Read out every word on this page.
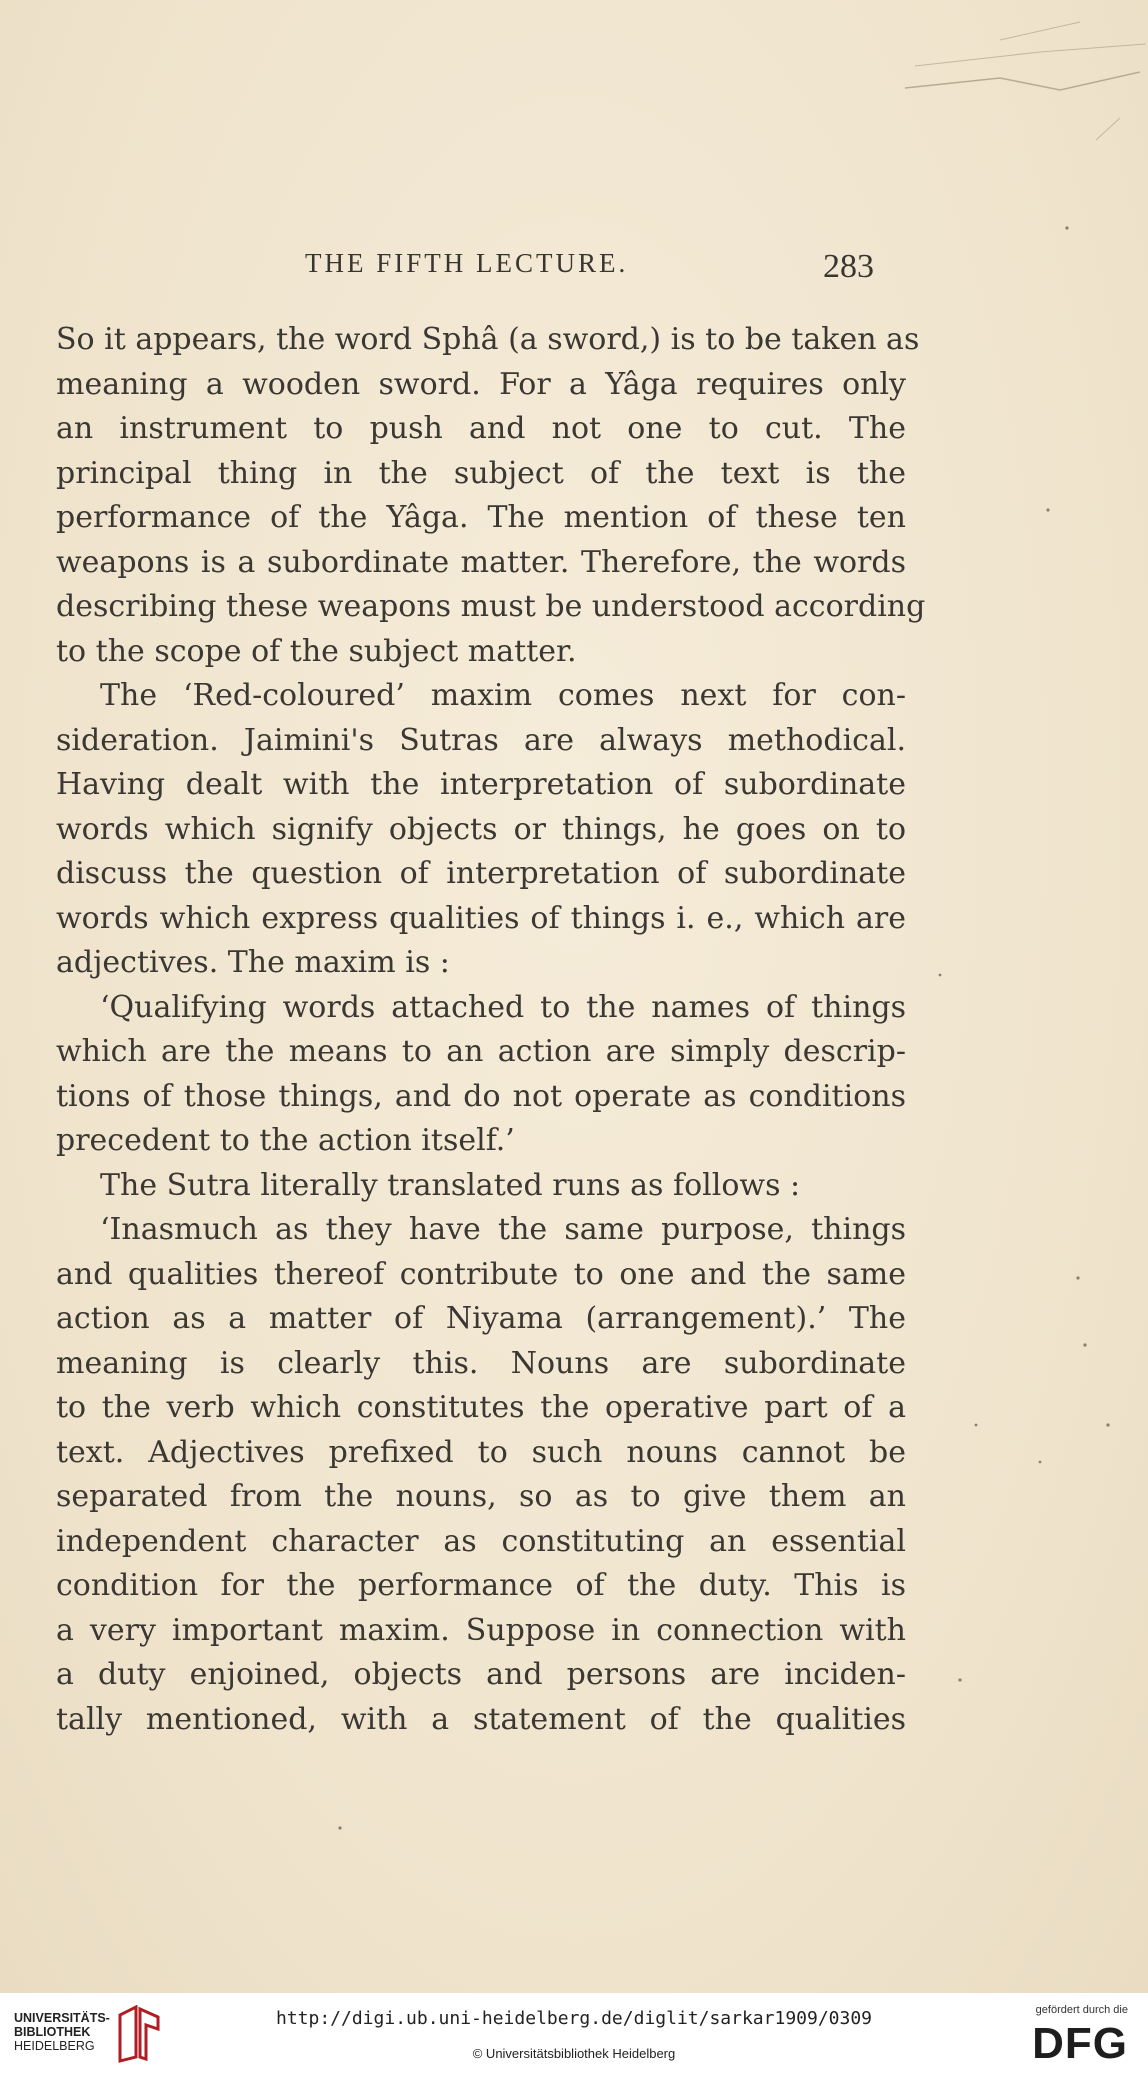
THE FIFTH LECTURE.	283
So it appears, the word Sphâ (a sword,) is to be taken as
meaning a wooden sword. For a Yâga requires only
an instrument to push and not one to cut. The
principal thing in the subject of the text is the
performance of the Yâga. The mention of these ten
weapons is a subordinate matter. Therefore, the words
describing these weapons must be understood according
to the scope of the subject matter.
The ‘Red-coloured’ maxim comes next for con-
sideration. Jaimini's Sutras are always methodical.
Having dealt with the interpretation of subordinate
words which signify objects or things, he goes on to
discuss the question of interpretation of subordinate
words which express qualities of things i. e., which are
adjectives. The maxim is :
‘Qualifying words attached to the names of things
which are the means to an action are simply descrip-
tions of those things, and do not operate as conditions
precedent to the action itself.’
The Sutra literally translated runs as follows :
‘Inasmuch as they have the same purpose, things
and qualities thereof contribute to one and the same
action as a matter of Niyama (arrangement).’ The
meaning is clearly this. Nouns are subordinate
to the verb which constitutes the operative part of a
text. Adjectives prefixed to such nouns cannot be
separated from the nouns, so as to give them an
independent character as constituting an essential
condition for the performance of the duty. This is
a very important maxim. Suppose in connection with
a duty enjoined, objects and persons are inciden-
tally mentioned, with a statement of the qualities
UNIVERSITÄTS-
BIBLIOTHEK
HEIDELBERG
http://digi.ub.uni-heidelberg.de/diglit/sarkar1909/0309
© Universitätsbibliothek Heidelberg
gefördert durch die
DFG
